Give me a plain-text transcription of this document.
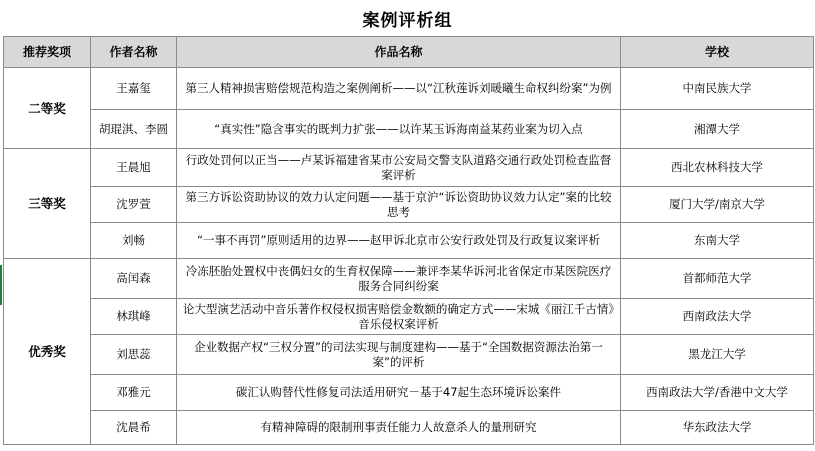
案例评析组
推荐奖项	作者名称	作品名称	学校
二等奖	王嘉玺	第三人精神损害赔偿规范构造之案例阐析——以“江秋莲诉刘暖曦生命权纠纷案”为例	中南民族大学
	胡琨淇、李圆	“真实性”隐含事实的既判力扩张——以许某玉诉海南益某药业案为切入点	湘潭大学
三等奖	王晨旭	行政处罚何以正当——卢某诉福建省某市公安局交警支队道路交通行政处罚检查监督案评析	西北农林科技大学
	沈罗萱	第三方诉讼资助协议的效力认定问题——基于京沪“诉讼资助协议效力认定”案的比较思考	厦门大学/南京大学
	刘畅	“一事不再罚”原则适用的边界——赵甲诉北京市公安行政处罚及行政复议案评析	东南大学
优秀奖	高闰森	冷冻胚胎处置权中丧偶妇女的生育权保障——兼评李某华诉河北省保定市某医院医疗服务合同纠纷案	首都师范大学
	林琪峰	论大型演艺活动中音乐著作权侵权损害赔偿金数额的确定方式——宋城《丽江千古情》音乐侵权案评析	西南政法大学
	刘思蕊	企业数据产权“三权分置”的司法实现与制度建构——基于“全国数据资源法治第一案”的评析	黑龙江大学
	邓雅元	碳汇认购替代性修复司法适用研究－基于47起生态环境诉讼案件	西南政法大学/香港中文大学
	沈晨希	有精神障碍的限制刑事责任能力人故意杀人的量刑研究	华东政法大学
